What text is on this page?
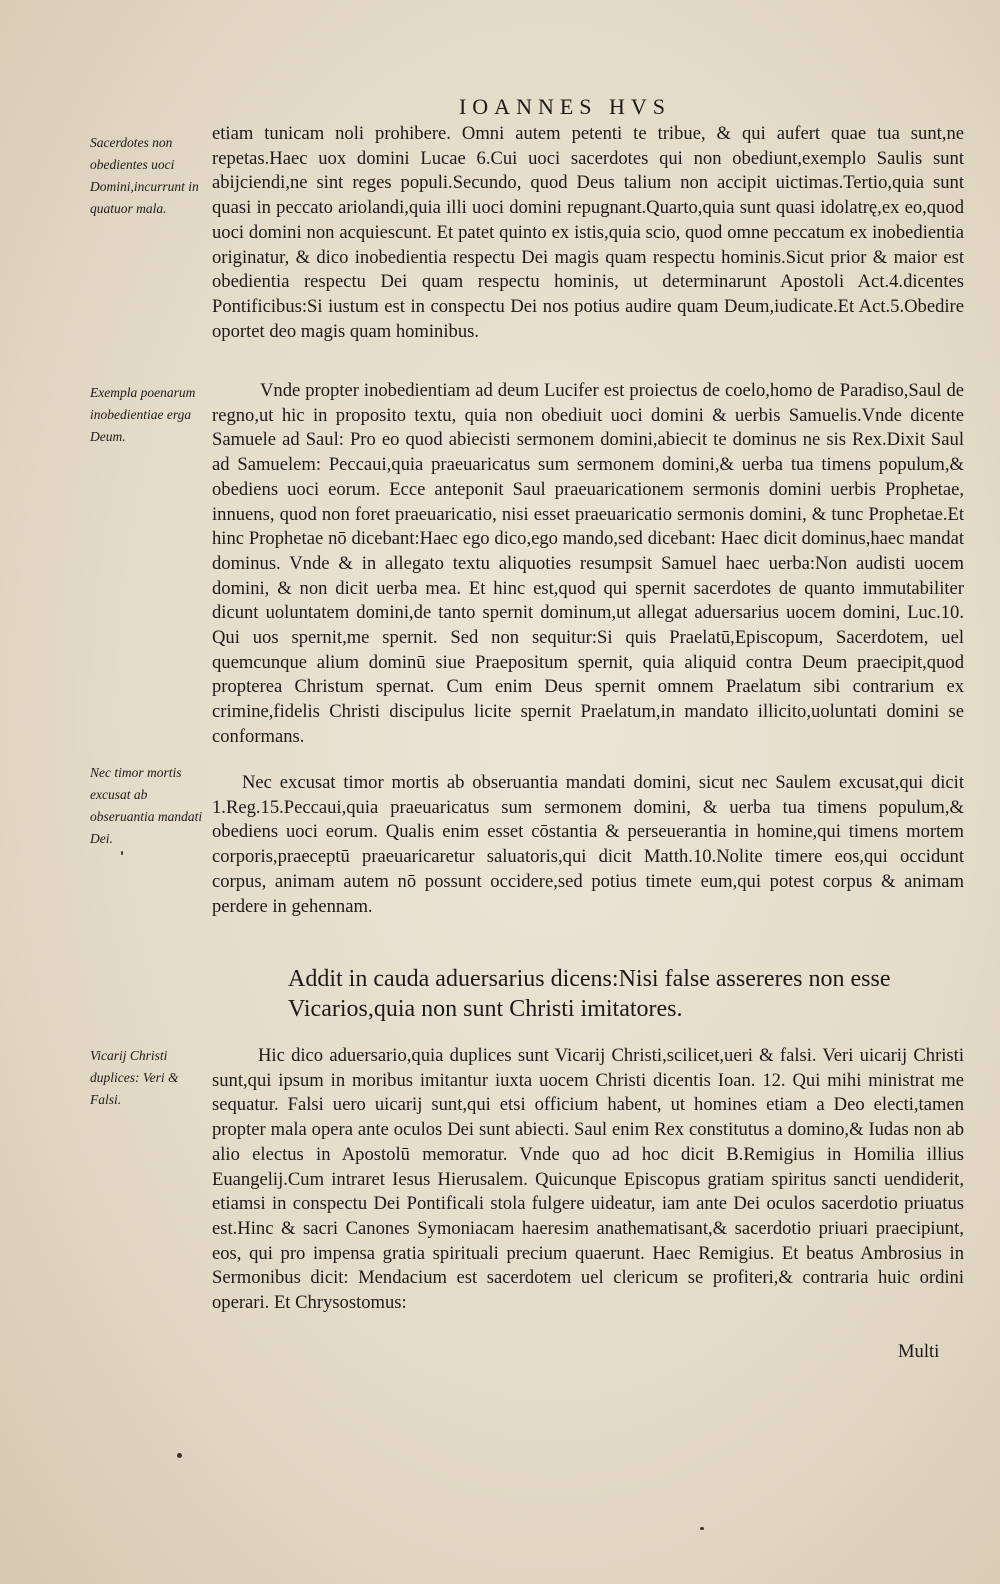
IOANNES HVS
Sacerdotes non obedientes uoci Domini,incurrunt in quatuor mala.
Exempla poenarum inobedientiae erga Deum.
Nec timor mortis excusat ab obseruantia mandati Dei.
Vicarij Christi duplices: Veri & Falsi.

etiam tunicam noli prohibere. Omni autem petenti te tribue, & qui aufert quae tua sunt,ne repetas.Haec uox domini Lucae 6.Cui uoci sacerdotes qui non obediunt,exemplo Saulis sunt abijciendi,ne sint reges populi.Secundo, quod Deus talium non accipit uictimas.Tertio,quia sunt quasi in peccato ariolandi,quia illi uoci domini repugnant.Quarto,quia sunt quasi idolatrę,ex eo,quod uoci domini non acquiescunt. Et patet quinto ex istis,quia scio, quod omne peccatum ex inobedientia originatur, & dico inobedientia respectu Dei magis quam respectu hominis.Sicut prior & maior est obedientia respectu Dei quam respectu hominis, ut determinarunt Apostoli Act.4.dicentes Pontificibus:Si iustum est in conspectu Dei nos potius audire quam Deum,iudicate.Et Act.5.Obedire oportet deo magis quam hominibus.

Vnde propter inobedientiam ad deum Lucifer est proiectus de coelo,homo de Paradiso,Saul de regno,ut hic in proposito textu, quia non obediuit uoci domini & uerbis Samuelis.Vnde dicente Samuele ad Saul: Pro eo quod abiecisti sermonem domini,abiecit te dominus ne sis Rex.Dixit Saul ad Samuelem: Peccaui,quia praeuaricatus sum sermonem domini,& uerba tua timens populum,& obediens uoci eorum. Ecce anteponit Saul praeuaricationem sermonis domini uerbis Prophetae, innuens, quod non foret praeuaricatio, nisi esset praeuaricatio sermonis domini, & tunc Prophetae.Et hinc Prophetae nō dicebant:Haec ego dico,ego mando,sed dicebant: Haec dicit dominus,haec mandat dominus. Vnde & in allegato textu aliquoties resumpsit Samuel haec uerba:Non audisti uocem domini, & non dicit uerba mea. Et hinc est,quod qui spernit sacerdotes de quanto immutabiliter dicunt uoluntatem domini,de tanto spernit dominum,ut allegat aduersarius uocem domini, Luc.10. Qui uos spernit,me spernit. Sed non sequitur:Si quis Praelatū,Episcopum, Sacerdotem, uel quemcunque alium dominū siue Praepositum spernit, quia aliquid contra Deum praecipit,quod propterea Christum spernat. Cum enim Deus spernit omnem Praelatum sibi contrarium ex crimine,fidelis Christi discipulus licite spernit Praelatum,in mandato illicito,uoluntati domini se conformans.

Nec excusat timor mortis ab obseruantia mandati domini, sicut nec Saulem excusat,qui dicit 1.Reg.15.Peccaui,quia praeuaricatus sum sermonem domini, & uerba tua timens populum,& obediens uoci eorum. Qualis enim esset cōstantia & perseuerantia in homine,qui timens mortem corporis,praeceptū praeuaricaretur saluatoris,qui dicit Matth.10.Nolite timere eos,qui occidunt corpus, animam autem nō possunt occidere,sed potius timete eum,qui potest corpus & animam perdere in gehennam.

Addit in cauda aduersarius dicens:Nisi false assereres non esse Vicarios,quia non sunt Christi imitatores.

Hic dico aduersario,quia duplices sunt Vicarij Christi,scilicet,ueri & falsi. Veri uicarij Christi sunt,qui ipsum in moribus imitantur iuxta uocem Christi dicentis Ioan. 12. Qui mihi ministrat me sequatur. Falsi uero uicarij sunt,qui etsi officium habent, ut homines etiam a Deo electi,tamen propter mala opera ante oculos Dei sunt abiecti. Saul enim Rex constitutus a domino,& Iudas non ab alio electus in Apostolū memoratur. Vnde quo ad hoc dicit B.Remigius in Homilia illius Euangelij.Cum intraret Iesus Hierusalem. Quicunque Episcopus gratiam spiritus sancti uendiderit, etiamsi in conspectu Dei Pontificali stola fulgere uideatur, iam ante Dei oculos sacerdotio priuatus est.Hinc & sacri Canones Symoniacam haeresim anathematisant,& sacerdotio priuari praecipiunt, eos, qui pro impensa gratia spirituali precium quaerunt. Haec Remigius. Et beatus Ambrosius in Sermonibus dicit: Mendacium est sacerdotem uel clericum se profiteri,& contraria huic ordini operari. Et Chrysostomus:

Multi
